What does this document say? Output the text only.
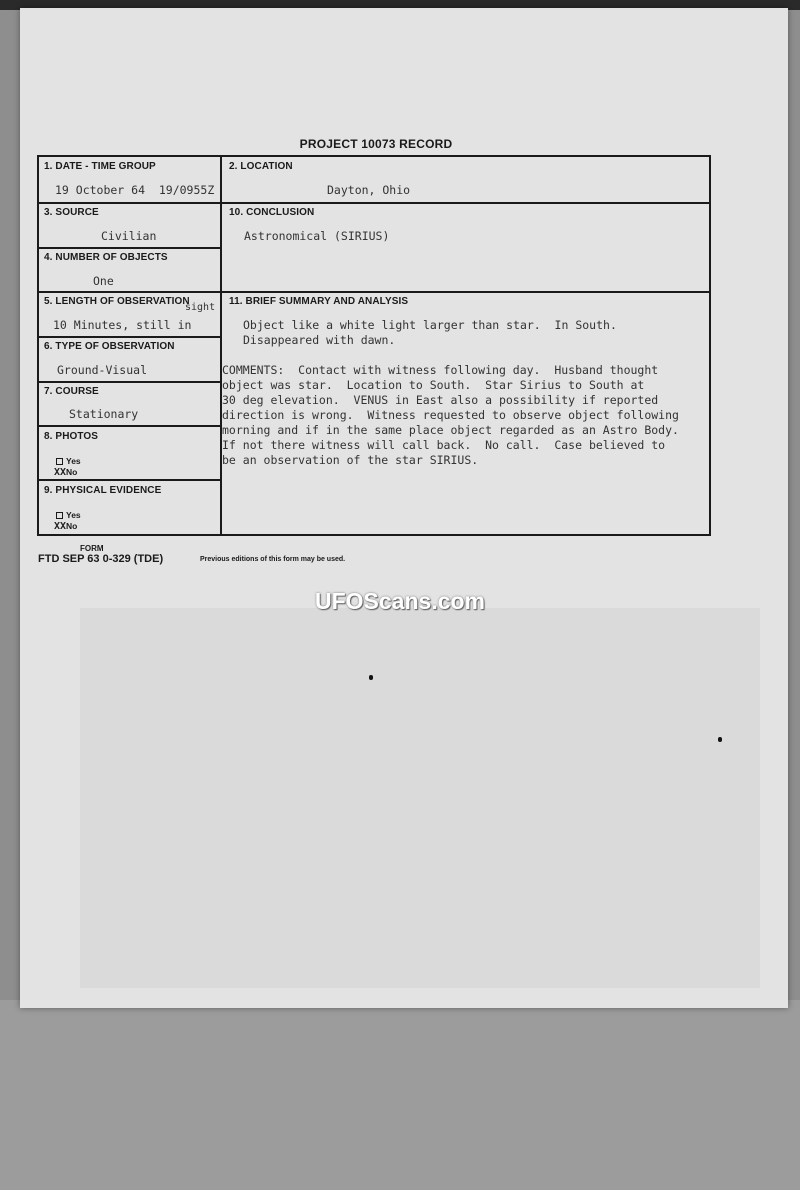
PROJECT 10073 RECORD
1. DATE - TIME GROUP
19 October 64  19/0955Z
2. LOCATION
Dayton, Ohio
3. SOURCE
Civilian
10. CONCLUSION
Astronomical (SIRIUS)
4. NUMBER OF OBJECTS
One
5. LENGTH OF OBSERVATION
sight
10 Minutes, still in
11. BRIEF SUMMARY AND ANALYSIS
Object like a white light larger than star.  In South.
Disappeared with dawn.
COMMENTS:  Contact with witness following day.  Husband thought
object was star.  Location to South.  Star Sirius to South at
30 deg elevation.  VENUS in East also a possibility if reported
direction is wrong.  Witness requested to observe object following
morning and if in the same place object regarded as an Astro Body.
If not there witness will call back.  No call.  Case believed to
be an observation of the star SIRIUS.
6. TYPE OF OBSERVATION
Ground-Visual
7. COURSE
Stationary
8. PHOTOS
Yes
XXNo
9. PHYSICAL EVIDENCE
Yes
XXNo
FORM
FTD SEP 63 0-329 (TDE)	Previous editions of this form may be used.
UFOScans.com
